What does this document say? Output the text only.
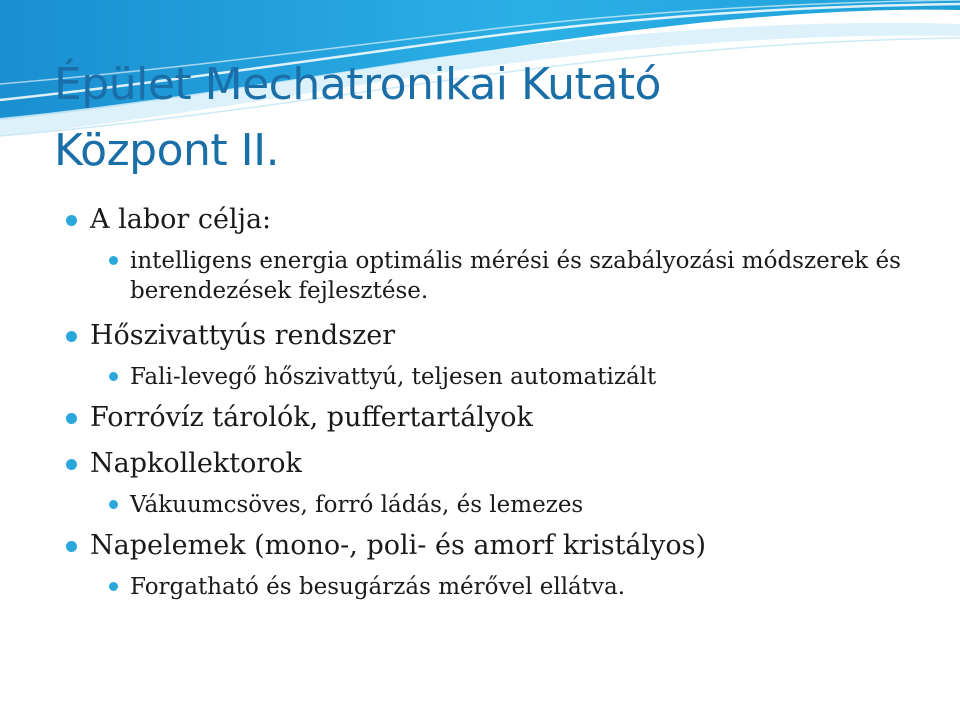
Épület Mechatronikai Kutató
Központ II.
A labor célja:
intelligens energia optimális mérési és szabályozási módszerek és berendezések fejlesztése.
Hőszivattyús rendszer
Fali-levegő hőszivattyú, teljesen automatizált
Forróvíz tárolók, puffertartályok
Napkollektorok
Vákuumcsöves, forró ládás, és lemezes
Napelemek (mono-, poli- és amorf kristályos)
Forgatható és besugárzás mérővel ellátva.
